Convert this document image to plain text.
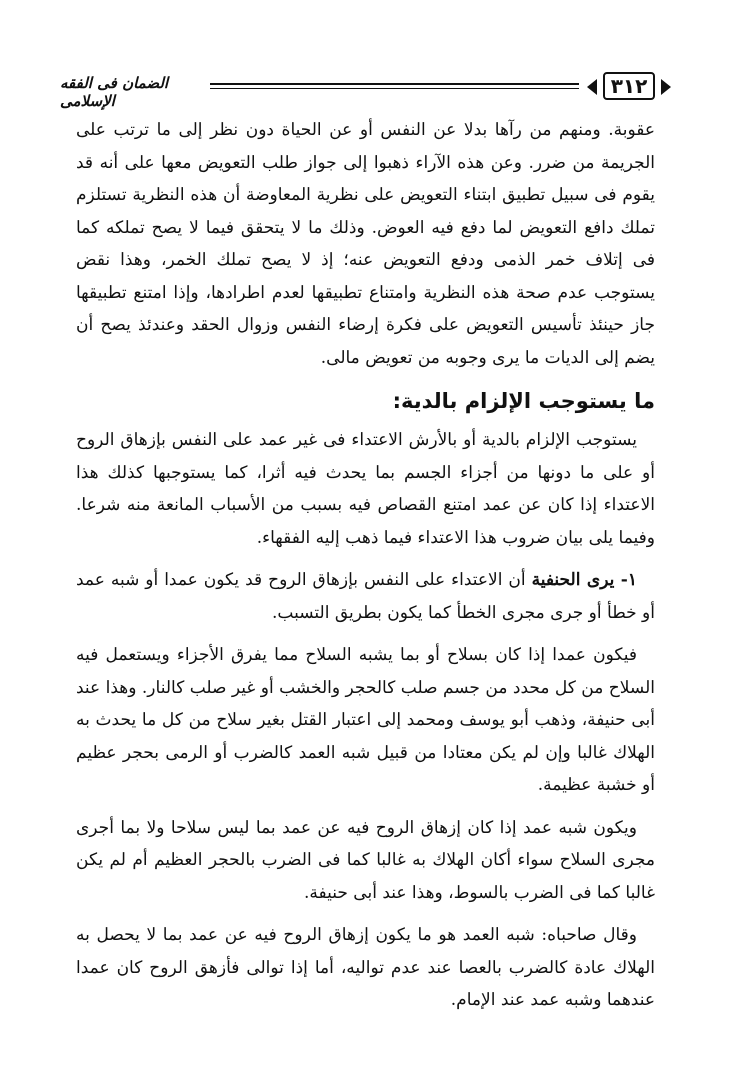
٣١٢
الضمان فى الفقه الإسلامى

عقوبة. ومنهم من رآها بدلا عن النفس أو عن الحياة دون نظر إلى ما ترتب على الجريمة من ضرر. وعن هذه الآراء ذهبوا إلى جواز طلب التعويض معها على أنه قد يقوم فى سبيل تطبيق ابتناء التعويض على نظرية المعاوضة أن هذه النظرية تستلزم تملك دافع التعويض لما دفع فيه العوض. وذلك ما لا يتحقق فيما لا يصح تملكه كما فى إتلاف خمر الذمى ودفع التعويض عنه؛ إذ لا يصح تملك الخمر، وهذا نقض يستوجب عدم صحة هذه النظرية وامتناع تطبيقها لعدم اطرادها، وإذا امتنع تطبيقها جاز حينئذ تأسيس التعويض على فكرة إرضاء النفس وزوال الحقد وعندئذ يصح أن يضم إلى الديات ما يرى وجوبه من تعويض مالى.

ما يستوجب الإلزام بالدية:

يستوجب الإلزام بالدية أو بالأرش الاعتداء فى غير عمد على النفس بإزهاق الروح أو على ما دونها من أجزاء الجسم بما يحدث فيه أثرا، كما يستوجبها كذلك هذا الاعتداء إذا كان عن عمد امتنع القصاص فيه بسبب من الأسباب المانعة منه شرعا. وفيما يلى بيان ضروب هذا الاعتداء فيما ذهب إليه الفقهاء.

١- يرى الحنفية أن الاعتداء على النفس بإزهاق الروح قد يكون عمدا أو شبه عمد أو خطأ أو جرى مجرى الخطأ كما يكون بطريق التسبب.

فيكون عمدا إذا كان بسلاح أو بما يشبه السلاح مما يفرق الأجزاء ويستعمل فيه السلاح من كل محدد من جسم صلب كالحجر والخشب أو غير صلب كالنار. وهذا عند أبى حنيفة، وذهب أبو يوسف ومحمد إلى اعتبار القتل بغير سلاح من كل ما يحدث به الهلاك غالبا وإن لم يكن معتادا من قبيل شبه العمد كالضرب أو الرمى بحجر عظيم أو خشبة عظيمة.

ويكون شبه عمد إذا كان إزهاق الروح فيه عن عمد بما ليس سلاحا ولا بما أجرى مجرى السلاح سواء أكان الهلاك به غالبا كما فى الضرب بالحجر العظيم أم لم يكن غالبا كما فى الضرب بالسوط، وهذا عند أبى حنيفة.

وقال صاحباه: شبه العمد هو ما يكون إزهاق الروح فيه عن عمد بما لا يحصل به الهلاك عادة كالضرب بالعصا عند عدم تواليه، أما إذا توالى فأزهق الروح كان عمدا عندهما وشبه عمد عند الإمام.
